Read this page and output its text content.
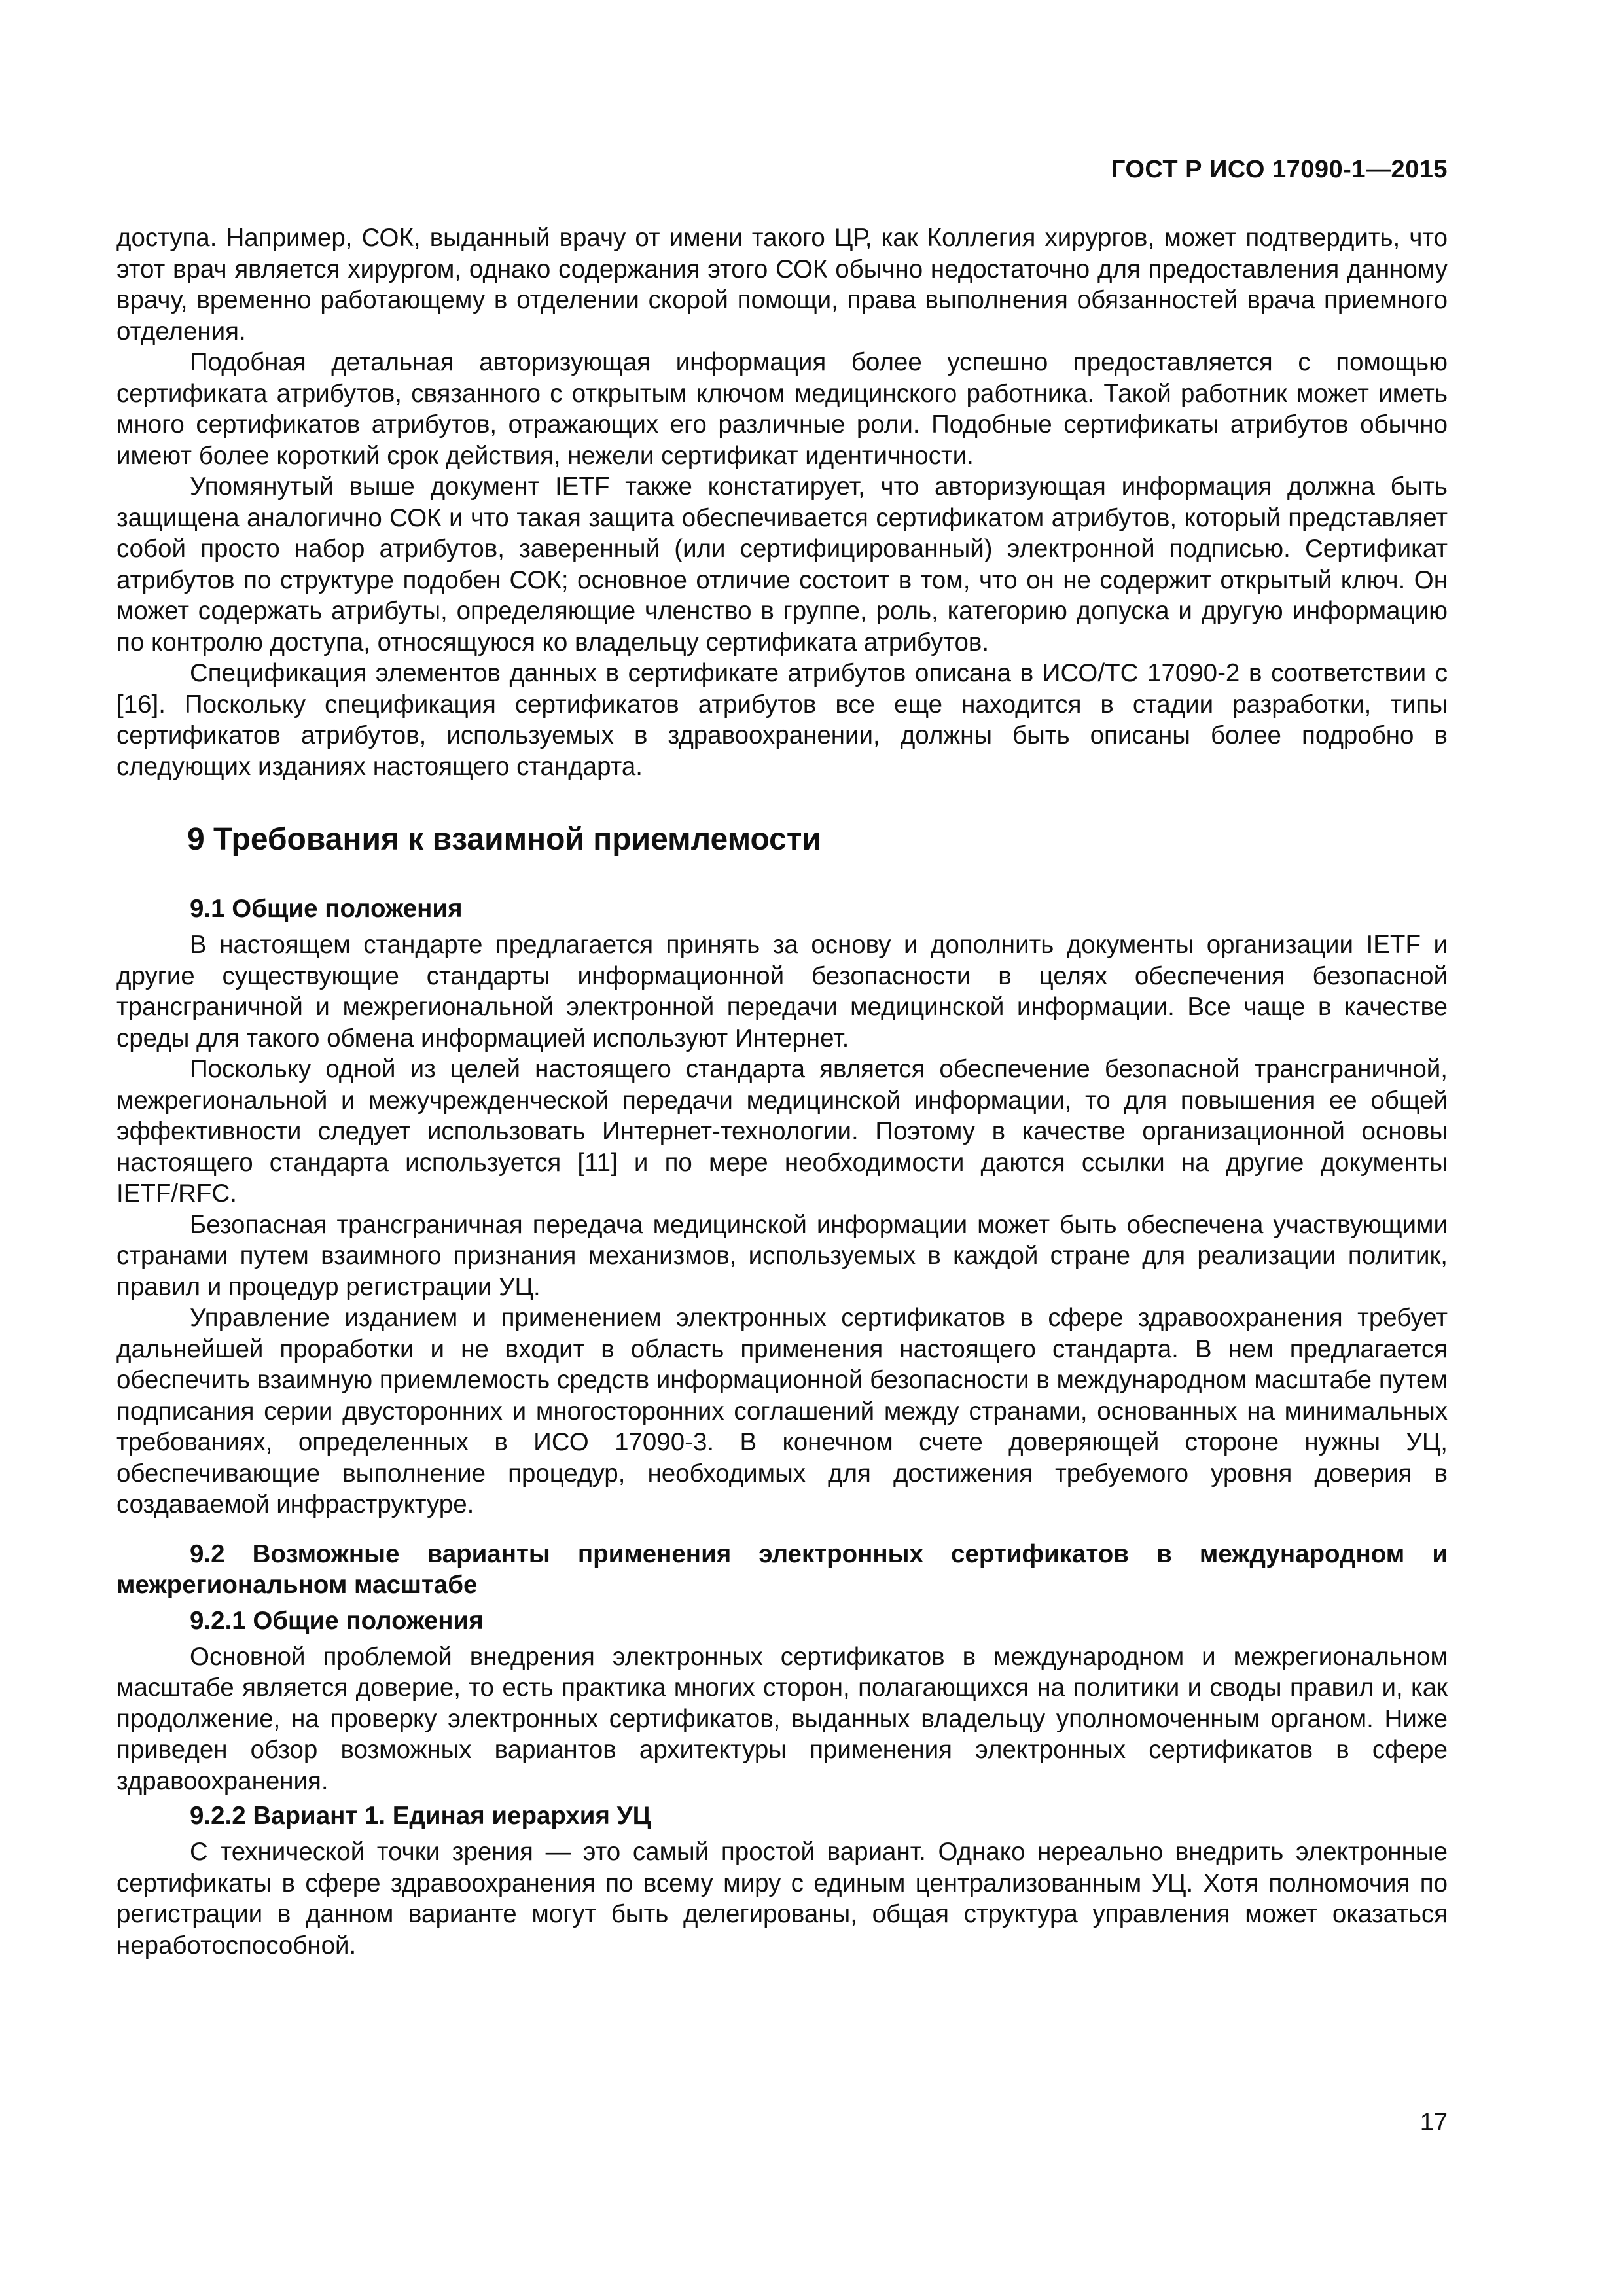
ГОСТ Р ИСО 17090-1—2015

доступа. Например, СОК, выданный врачу от имени такого ЦР, как Коллегия хирургов, может подтвердить, что этот врач является хирургом, однако содержания этого СОК обычно недостаточно для предоставления данному врачу, временно работающему в отделении скорой помощи, права выполнения обязанностей врача приемного отделения.

Подобная детальная авторизующая информация более успешно предоставляется с помощью сертификата атрибутов, связанного с открытым ключом медицинского работника. Такой работник может иметь много сертификатов атрибутов, отражающих его различные роли. Подобные сертификаты атрибутов обычно имеют более короткий срок действия, нежели сертификат идентичности.

Упомянутый выше документ IETF также констатирует, что авторизующая информация должна быть защищена аналогично СОК и что такая защита обеспечивается сертификатом атрибутов, который представляет собой просто набор атрибутов, заверенный (или сертифицированный) электронной подписью. Сертификат атрибутов по структуре подобен СОК; основное отличие состоит в том, что он не содержит открытый ключ. Он может содержать атрибуты, определяющие членство в группе, роль, категорию допуска и другую информацию по контролю доступа, относящуюся ко владельцу сертификата атрибутов.

Спецификация элементов данных в сертификате атрибутов описана в ИСО/ТС 17090-2 в соответствии с [16]. Поскольку спецификация сертификатов атрибутов все еще находится в стадии разработки, типы сертификатов атрибутов, используемых в здравоохранении, должны быть описаны более подробно в следующих изданиях настоящего стандарта.

9 Требования к взаимной приемлемости
9.1 Общие положения

В настоящем стандарте предлагается принять за основу и дополнить документы организации IETF и другие существующие стандарты информационной безопасности в целях обеспечения безопасной трансграничной и межрегиональной электронной передачи медицинской информации. Все чаще в качестве среды для такого обмена информацией используют Интернет.

Поскольку одной из целей настоящего стандарта является обеспечение безопасной трансграничной, межрегиональной и межучрежденческой передачи медицинской информации, то для повышения ее общей эффективности следует использовать Интернет-технологии. Поэтому в качестве организационной основы настоящего стандарта используется [11] и по мере необходимости даются ссылки на другие документы IETF/RFC.

Безопасная трансграничная передача медицинской информации может быть обеспечена участвующими странами путем взаимного признания механизмов, используемых в каждой стране для реализации политик, правил и процедур регистрации УЦ.

Управление изданием и применением электронных сертификатов в сфере здравоохранения требует дальнейшей проработки и не входит в область применения настоящего стандарта. В нем предлагается обеспечить взаимную приемлемость средств информационной безопасности в международном масштабе путем подписания серии двусторонних и многосторонних соглашений между странами, основанных на минимальных требованиях, определенных в ИСО 17090-3. В конечном счете доверяющей стороне нужны УЦ, обеспечивающие выполнение процедур, необходимых для достижения требуемого уровня доверия в создаваемой инфраструктуре.

9.2 Возможные варианты применения электронных сертификатов в международном и межрегиональном масштабе
9.2.1 Общие положения

Основной проблемой внедрения электронных сертификатов в международном и межрегиональном масштабе является доверие, то есть практика многих сторон, полагающихся на политики и своды правил и, как продолжение, на проверку электронных сертификатов, выданных владельцу уполномоченным органом. Ниже приведен обзор возможных вариантов архитектуры применения электронных сертификатов в сфере здравоохранения.

9.2.2 Вариант 1. Единая иерархия УЦ

С технической точки зрения — это самый простой вариант. Однако нереально внедрить электронные сертификаты в сфере здравоохранения по всему миру с единым централизованным УЦ. Хотя полномочия по регистрации в данном варианте могут быть делегированы, общая структура управления может оказаться неработоспособной.

17
